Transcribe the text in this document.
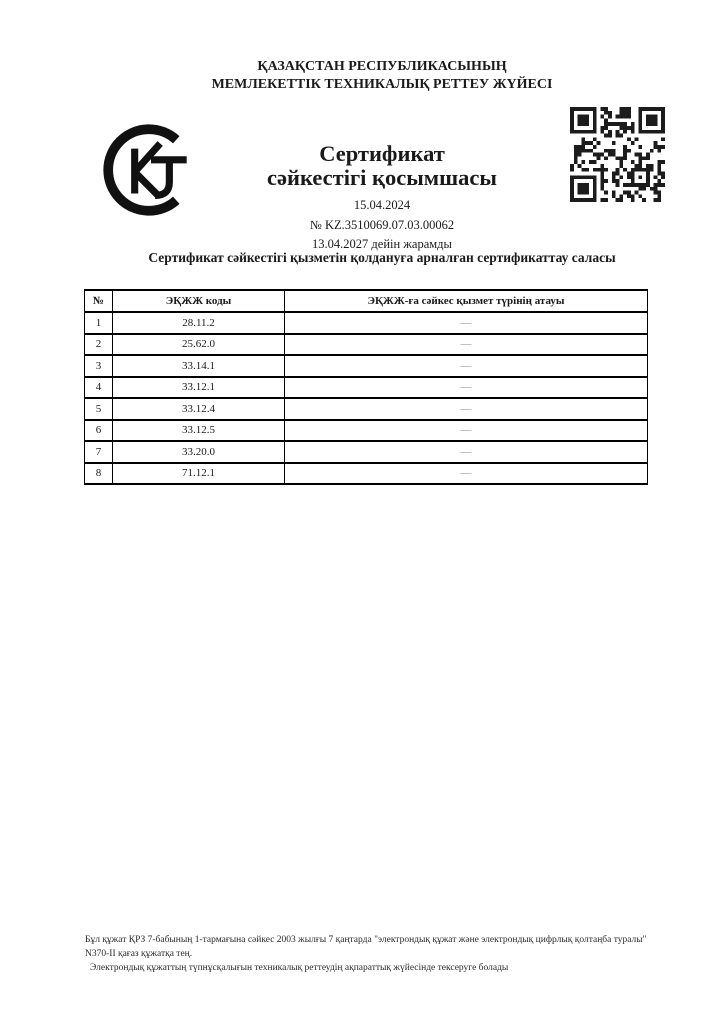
ҚАЗАҚСТАН РЕСПУБЛИКАСЫНЫҢ
МЕМЛЕКЕТТІК ТЕХНИКАЛЫҚ РЕТТЕУ ЖҮЙЕСІ
Сертификат
сәйкестігі қосымшасы
15.04.2024
№ KZ.3510069.07.03.00062
13.04.2027 дейін жарамды
Сертификат сәйкестігі қызметін қолдануға арналған сертификаттау саласы
№	ЭҚЖЖ коды	ЭҚЖЖ-ға сәйкес қызмет түрінің атауы
1	28.11.2	—
2	25.62.0	—
3	33.14.1	—
4	33.12.1	—
5	33.12.4	—
6	33.12.5	—
7	33.20.0	—
8	71.12.1	—
Бұл құжат ҚРЗ 7-бабының 1-тармағына сәйкес 2003 жылғы 7 қаңтарда "электрондық құжат және электрондық цифрлық қолтаңба туралы"
N370-II қағаз құжатқа тең.
Электрондық құжаттың түпнұсқалығын техникалық реттеудің ақпараттық жүйесінде тексеруге болады
